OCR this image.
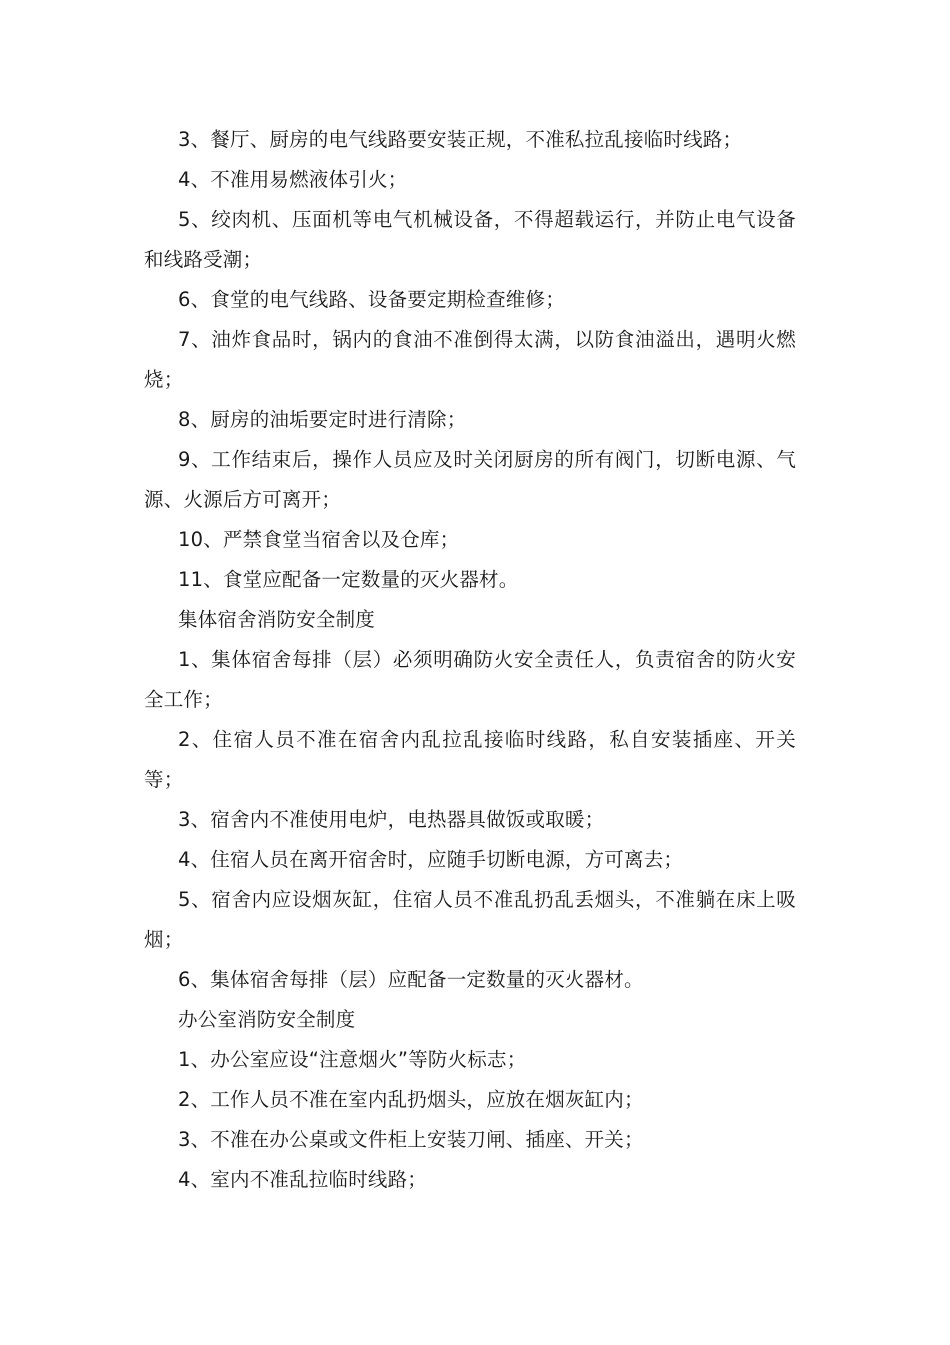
3、餐厅、厨房的电气线路要安装正规，不准私拉乱接临时线路；

4、不准用易燃液体引火；

5、绞肉机、压面机等电气机械设备，不得超载运行，并防止电气设备和线路受潮；

6、食堂的电气线路、设备要定期检查维修；

7、油炸食品时，锅内的食油不准倒得太满，以防食油溢出，遇明火燃烧；

8、厨房的油垢要定时进行清除；

9、工作结束后，操作人员应及时关闭厨房的所有阀门，切断电源、气源、火源后方可离开；

10、严禁食堂当宿舍以及仓库；

11、食堂应配备一定数量的灭火器材。

集体宿舍消防安全制度

1、集体宿舍每排（层）必须明确防火安全责任人，负责宿舍的防火安全工作；

2、住宿人员不准在宿舍内乱拉乱接临时线路，私自安装插座、开关等；

3、宿舍内不准使用电炉，电热器具做饭或取暖；

4、住宿人员在离开宿舍时，应随手切断电源，方可离去；

5、宿舍内应设烟灰缸，住宿人员不准乱扔乱丢烟头，不准躺在床上吸烟；

6、集体宿舍每排（层）应配备一定数量的灭火器材。

办公室消防安全制度

1、办公室应设“注意烟火”等防火标志；

2、工作人员不准在室内乱扔烟头，应放在烟灰缸内；

3、不准在办公桌或文件柜上安装刀闸、插座、开关；

4、室内不准乱拉临时线路；
